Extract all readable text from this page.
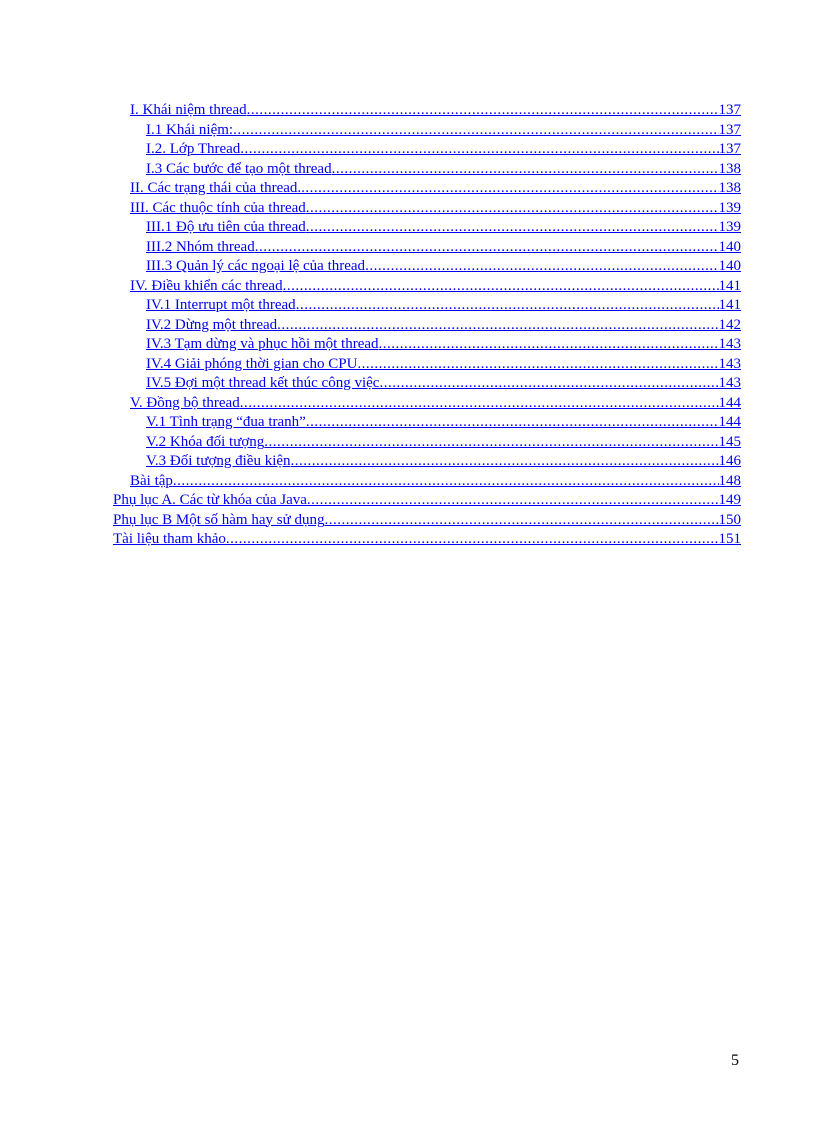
I. Khái niệm thread .....	137
I.1 Khái niệm: .....	137
I.2. Lớp Thread .....	137
I.3 Các bước để tạo một thread .....	138
II. Các trạng thái của thread. .....	138
III. Các thuộc tính của thread .....	139
III.1 Độ ưu tiên của thread .....	139
III.2 Nhóm thread .....	140
III.3 Quản lý các ngoại lệ của thread .....	140
IV. Điều khiển các thread .....	141
IV.1 Interrupt một thread .....	141
IV.2 Dừng một thread .....	142
IV.3 Tạm dừng và phục hồi một thread .....	143
IV.4 Giải phóng thời gian cho CPU .....	143
IV.5 Đợi một thread kết thúc công việc .....	143
V. Đồng bộ thread .....	144
V.1 Tình trạng “đua tranh” .....	144
V.2 Khóa đối tượng .....	145
V.3 Đối tượng điều kiện .....	146
Bài tập .....	148
Phụ lục A. Các từ khóa của Java .....	149
Phụ lục B Một số hàm hay sử dụng .....	150
Tài liệu tham khảo .....	151
5
